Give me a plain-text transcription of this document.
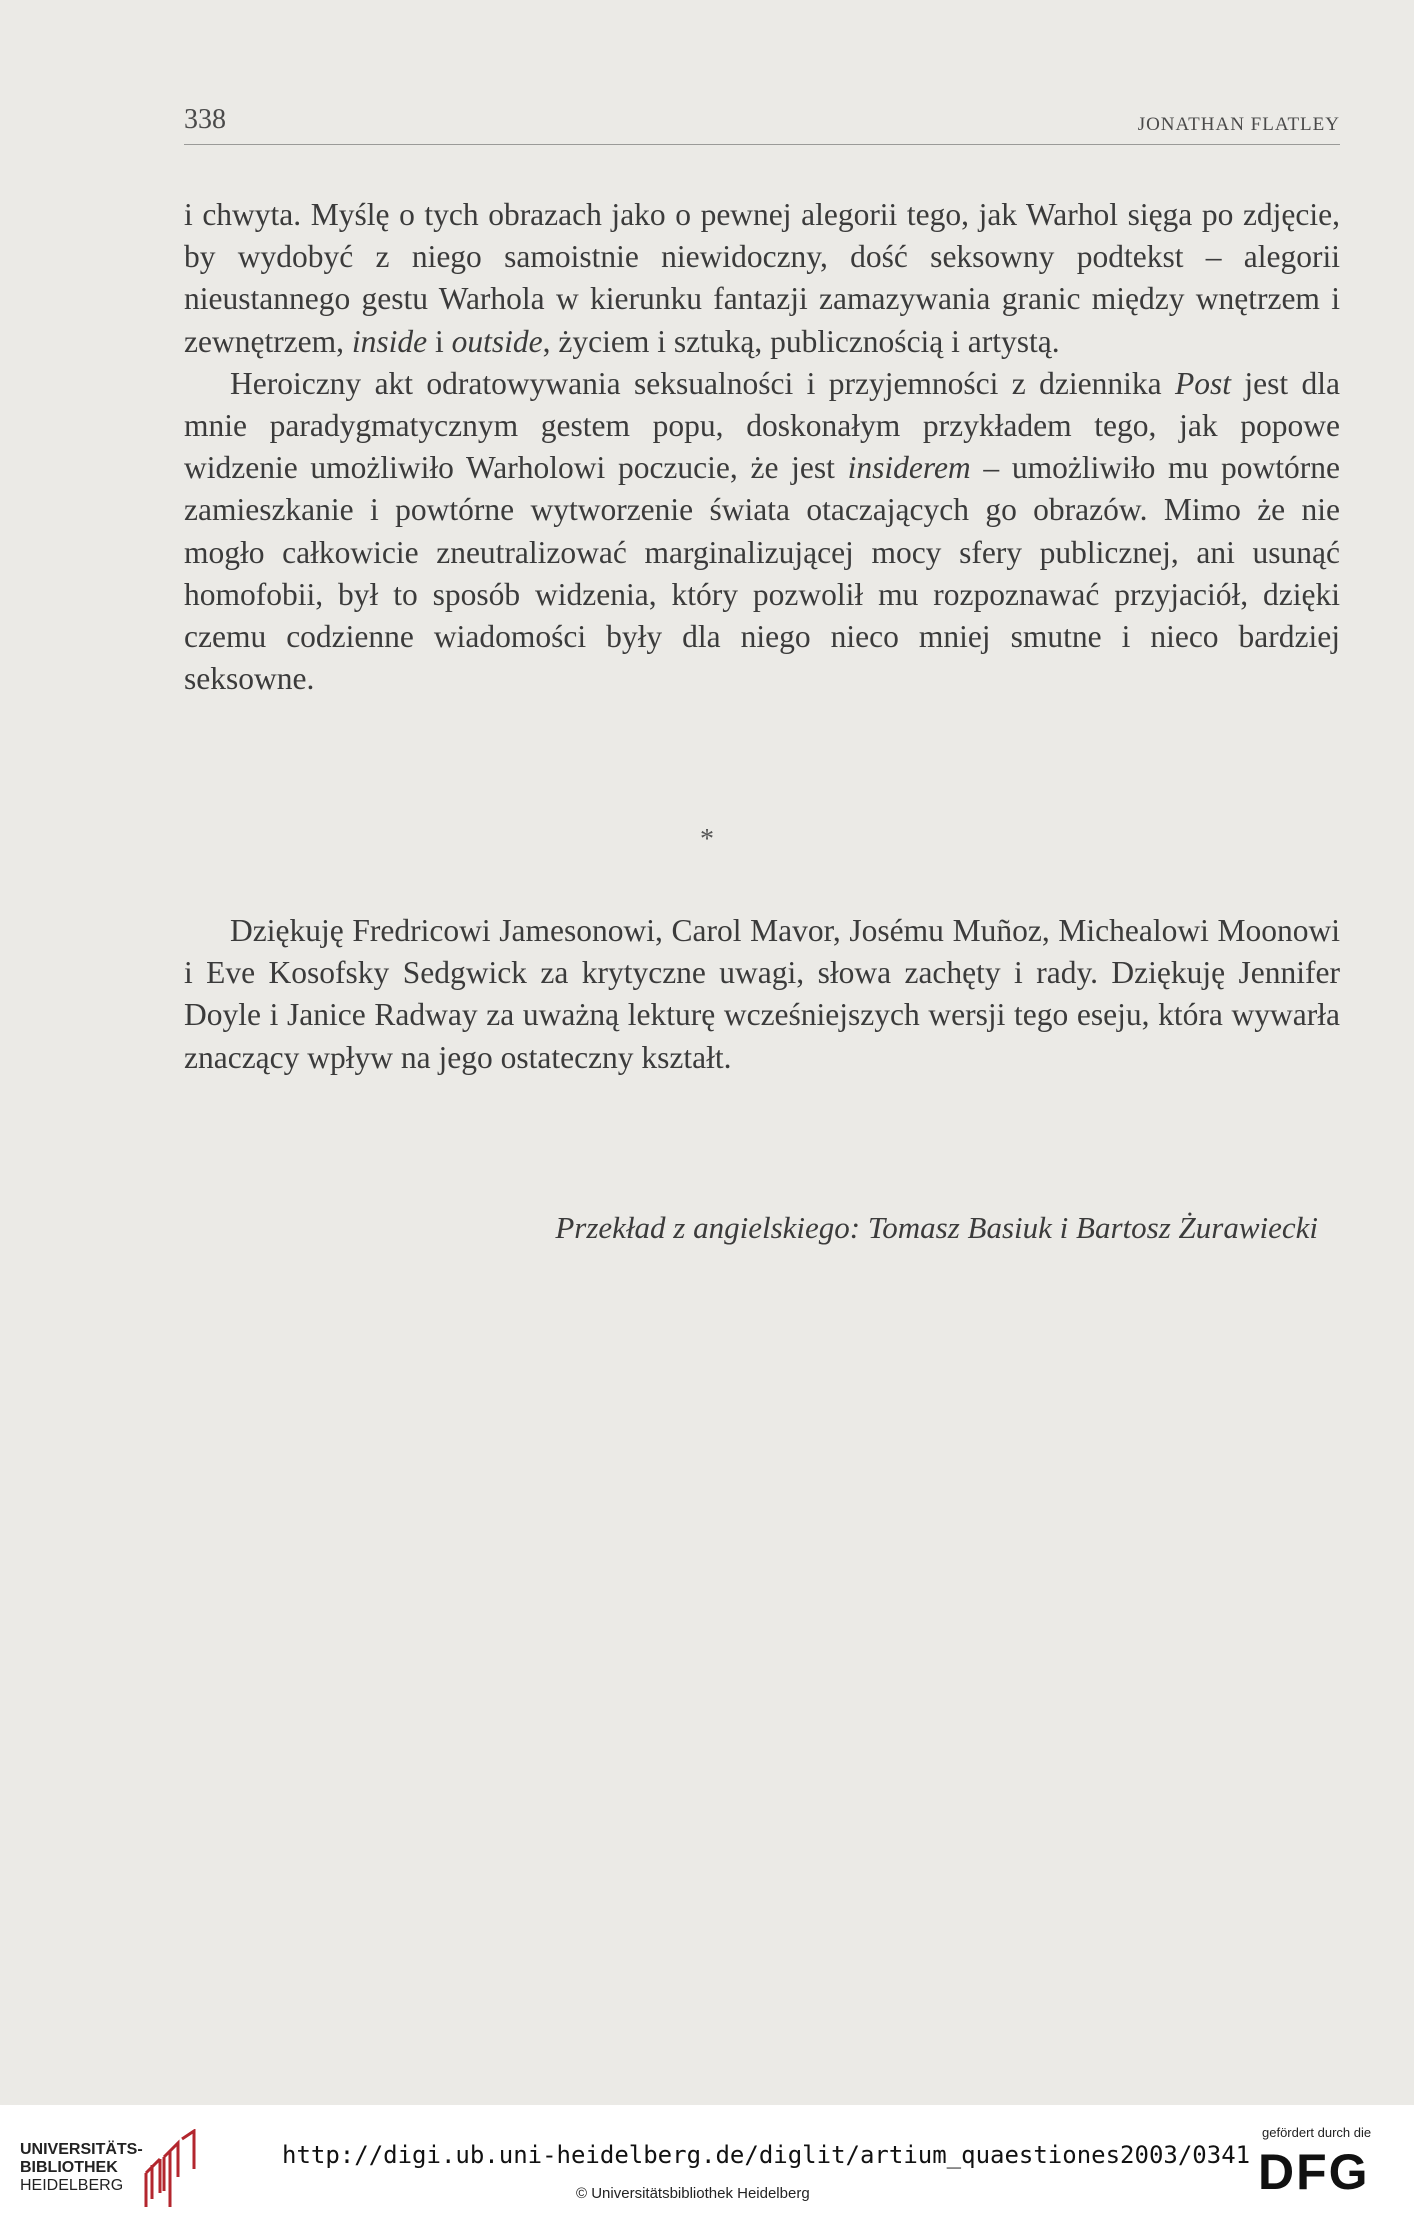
338	JONATHAN FLATLEY

i chwyta. Myślę o tych obrazach jako o pewnej alegorii tego, jak Warhol sięga po zdjęcie, by wydobyć z niego samoistnie niewidoczny, dość seksowny podtekst – alegorii nieustannego gestu Warhola w kierunku fantazji zamazywania granic między wnętrzem i zewnętrzem, inside i outside, życiem i sztuką, publicznością i artystą.

Heroiczny akt odratowywania seksualności i przyjemności z dziennika Post jest dla mnie paradygmatycznym gestem popu, doskonałym przykładem tego, jak popowe widzenie umożliwiło Warholowi poczucie, że jest insiderem – umożliwiło mu powtórne zamieszkanie i powtórne wytworzenie świata otaczających go obrazów. Mimo że nie mogło całkowicie zneutralizować marginalizującej mocy sfery publicznej, ani usunąć homofobii, był to sposób widzenia, który pozwolił mu rozpoznawać przyjaciół, dzięki czemu codzienne wiadomości były dla niego nieco mniej smutne i nieco bardziej seksowne.

*

Dziękuję Fredricowi Jamesonowi, Carol Mavor, Josému Muñoz, Michealowi Moonowi i Eve Kosofsky Sedgwick za krytyczne uwagi, słowa zachęty i rady. Dziękuję Jennifer Doyle i Janice Radway za uważną lekturę wcześniejszych wersji tego eseju, która wywarła znaczący wpływ na jego ostateczny kształt.

Przekład z angielskiego: Tomasz Basiuk i Bartosz Żurawiecki
UNIVERSITÄTS-
BIBLIOTHEK
HEIDELBERG
http://digi.ub.uni-heidelberg.de/diglit/artium_quaestiones2003/0341
© Universitätsbibliothek Heidelberg
gefördert durch die
DFG
